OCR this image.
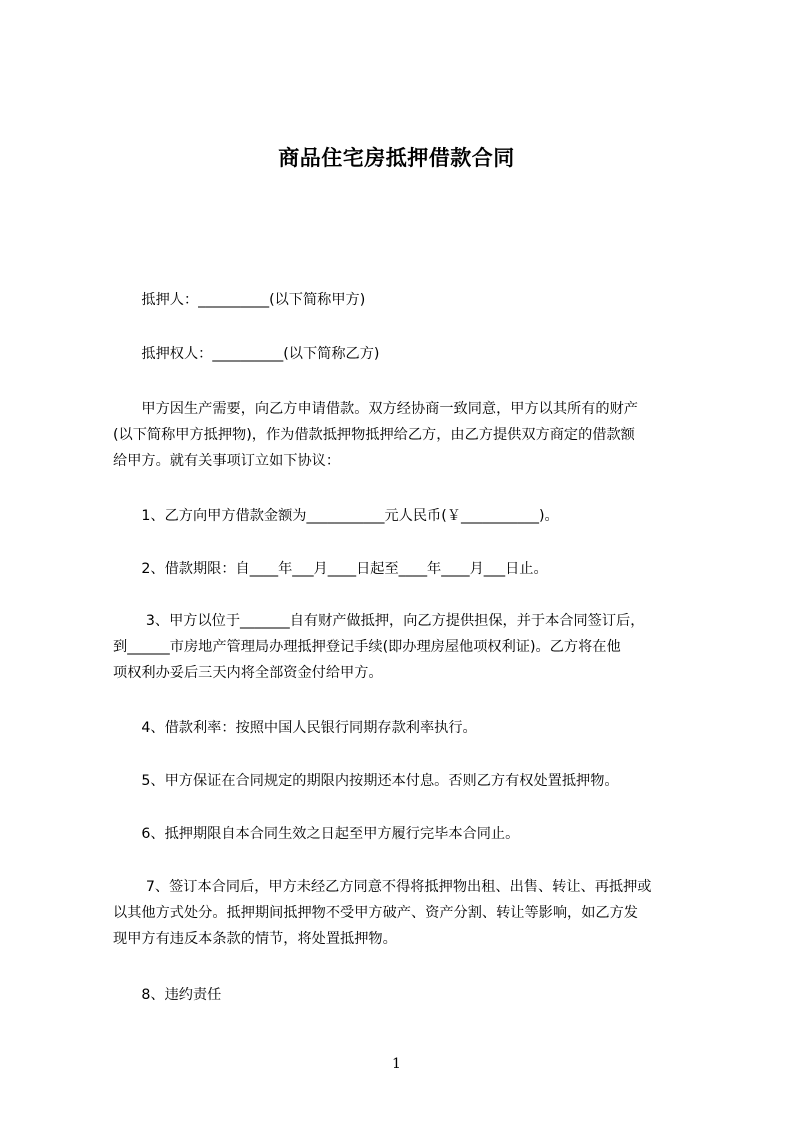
商品住宅房抵押借款合同
　　抵押人：__________(以下简称甲方)
　　抵押权人：__________(以下简称乙方)
　　甲方因生产需要，向乙方申请借款。双方经协商一致同意，甲方以其所有的财产
(以下简称甲方抵押物)，作为借款抵押物抵押给乙方，由乙方提供双方商定的借款额
给甲方。就有关事项订立如下协议：
　　1、乙方向甲方借款金额为___________元人民币(￥___________)。
　　2、借款期限：自____年___月____日起至____年____月___日止。
　　 3、甲方以位于_______自有财产做抵押，向乙方提供担保，并于本合同签订后，
到______市房地产管理局办理抵押登记手续(即办理房屋他项权利证)。乙方将在他
项权利办妥后三天内将全部资金付给甲方。
　　4、借款利率：按照中国人民银行同期存款利率执行。
　　5、甲方保证在合同规定的期限内按期还本付息。否则乙方有权处置抵押物。
　　6、抵押期限自本合同生效之日起至甲方履行完毕本合同止。
　　 7、签订本合同后，甲方未经乙方同意不得将抵押物出租、出售、转让、再抵押或
以其他方式处分。抵押期间抵押物不受甲方破产、资产分割、转让等影响，如乙方发
现甲方有违反本条款的情节，将处置抵押物。
　　8、违约责任
1
